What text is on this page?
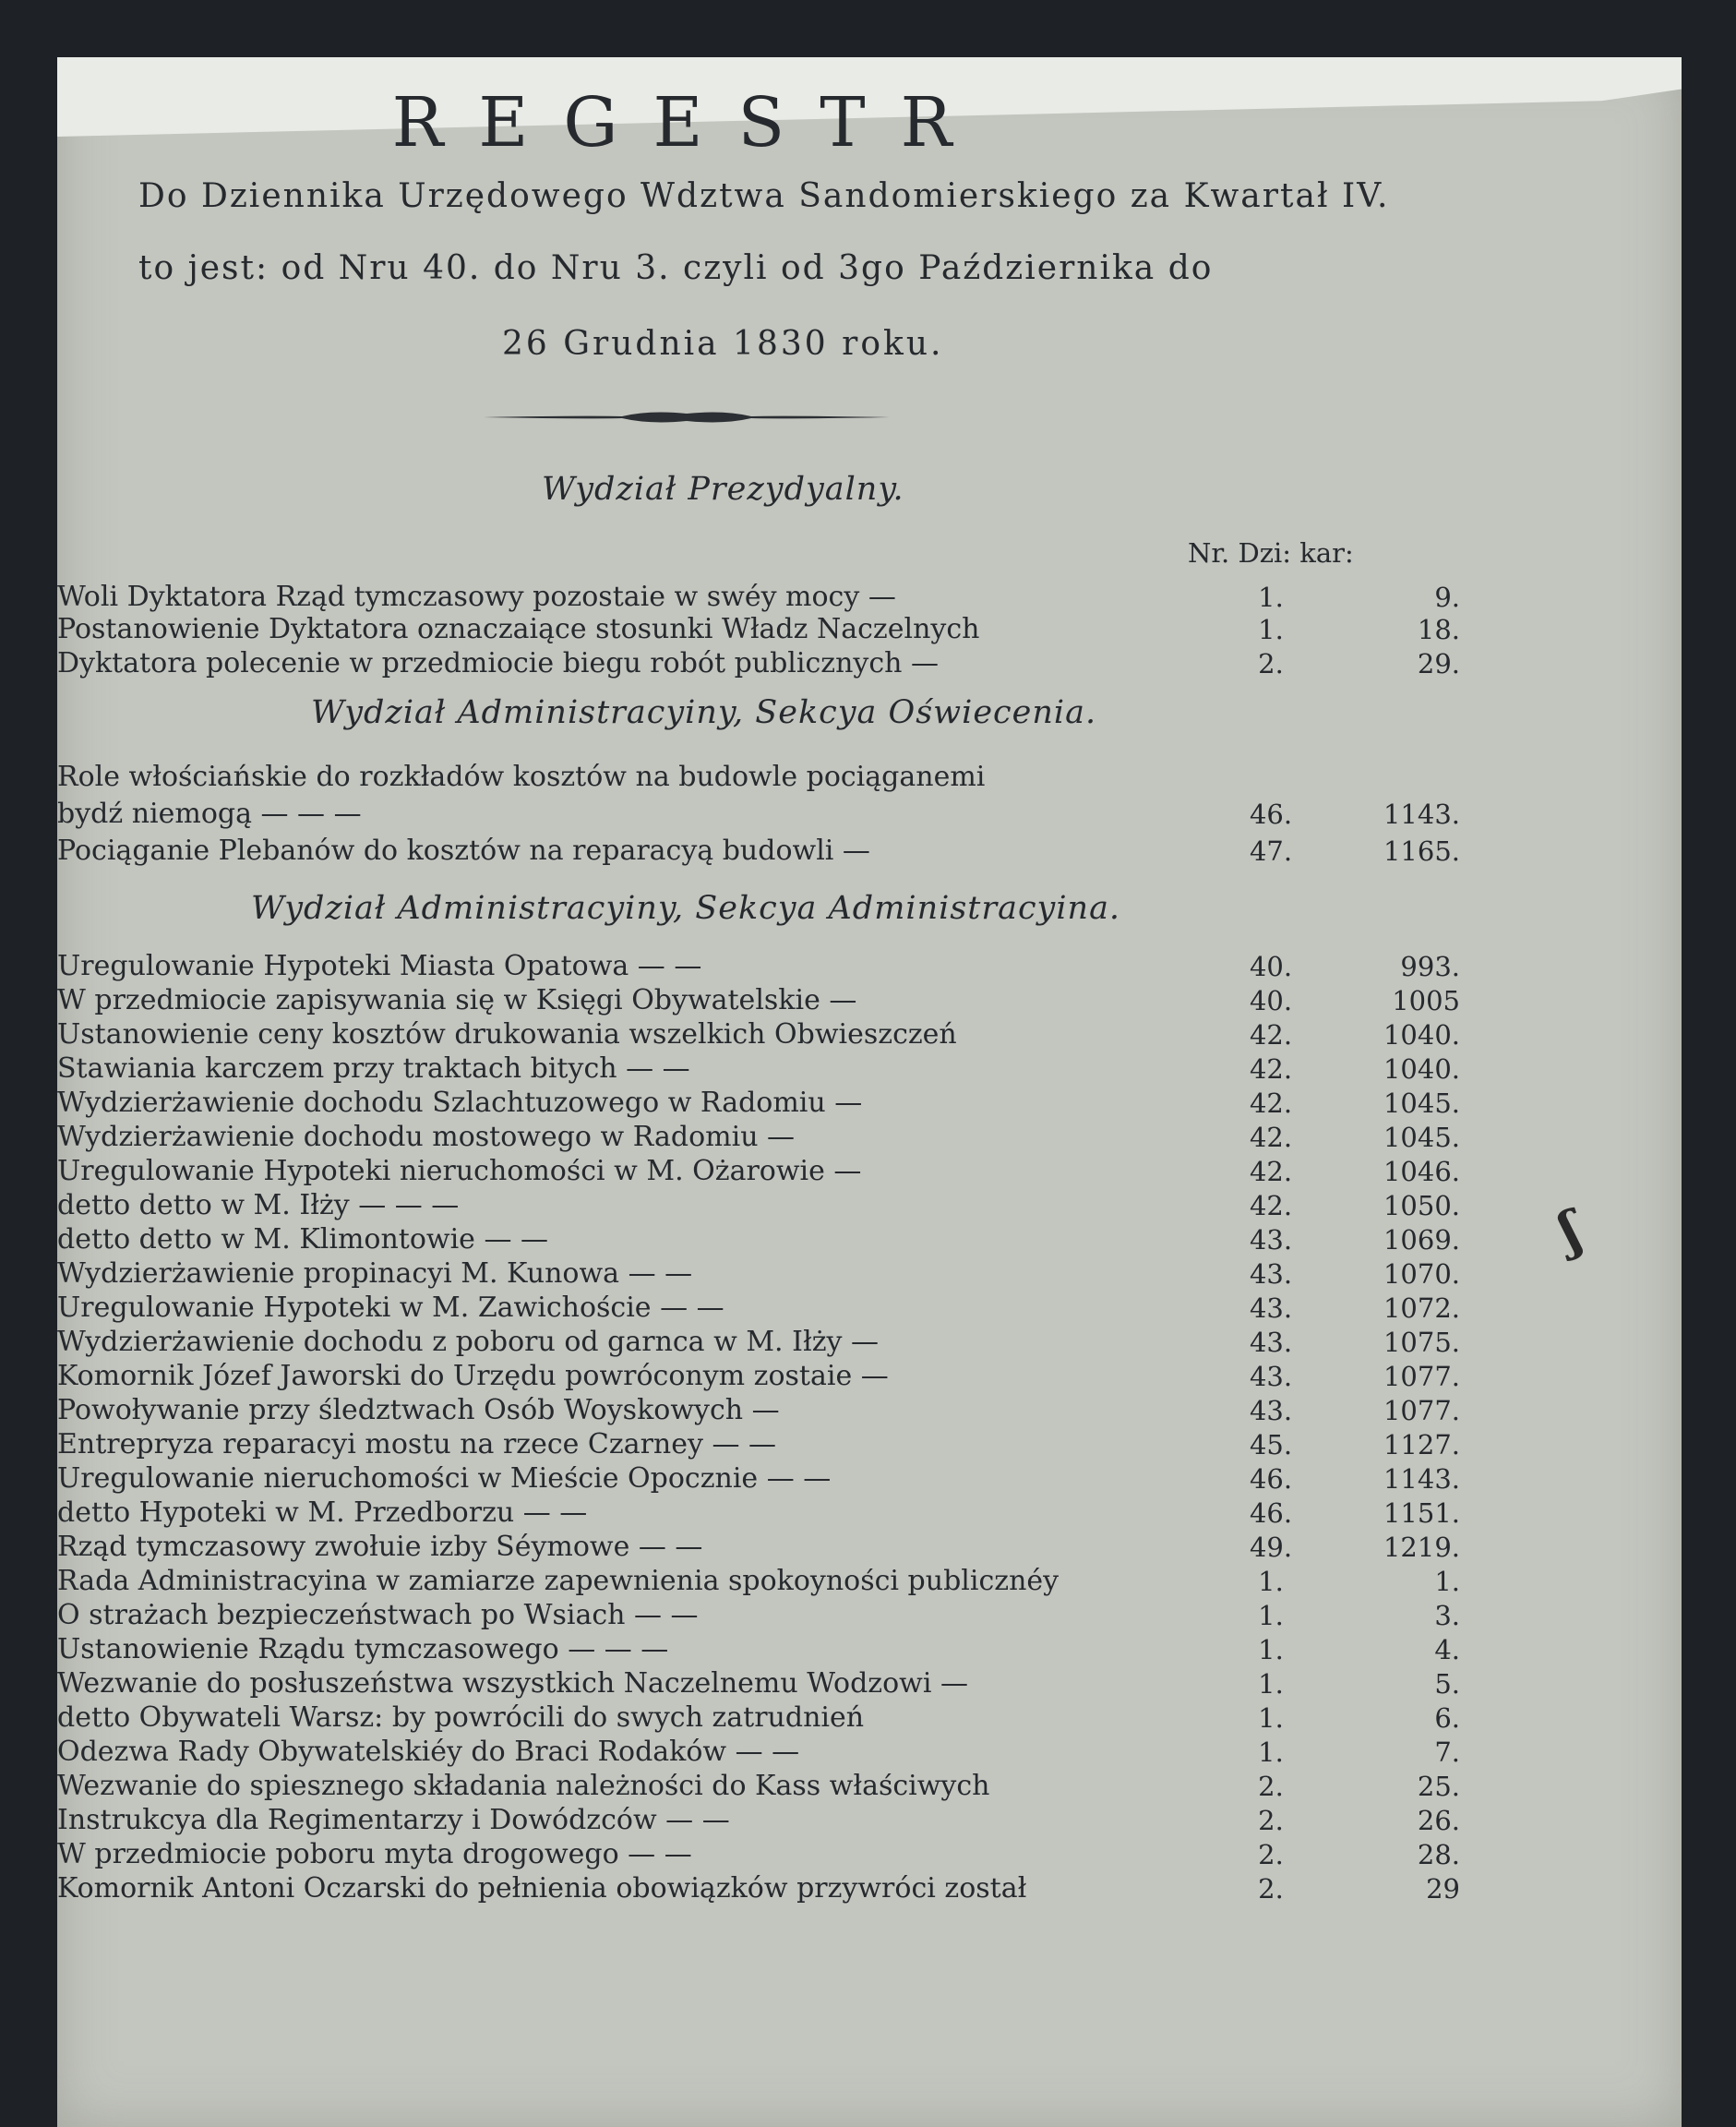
REGESTR
Do Dziennika Urzędowego Wdztwa Sandomierskiego za Kwartał IV.
to jest: od Nru 40. do Nru 3. czyli od 3go Października do
26 Grudnia 1830 roku.
Wydział Prezydyalny.
Nr. Dzi: kar:
Woli Dyktatora Rząd tymczasowy pozostaie w swéy mocy —	1.	9.
Postanowienie Dyktatora oznaczaiące stosunki Władz Naczelnych	1.	18.
Dyktatora polecenie w przedmiocie biegu robót publicznych —	2.	29.
Wydział Administracyiny, Sekcya Oświecenia.
Role włościańskie do rozkładów kosztów na budowle pociąganemi
bydź niemogą — — —	46.	1143.
Pociąganie Plebanów do kosztów na reparacyą budowli —	47.	1165.
Wydział Administracyiny, Sekcya Administracyina.
Uregulowanie Hypoteki Miasta Opatowa — —	40.	993.
W przedmiocie zapisywania się w Księgi Obywatelskie —	40.	1005
Ustanowienie ceny kosztów drukowania wszelkich Obwieszczeń	42.	1040.
Stawiania karczem przy traktach bitych — —	42.	1040.
Wydzierżawienie dochodu Szlachtuzowego w Radomiu —	42.	1045.
Wydzierżawienie dochodu mostowego w Radomiu —	42.	1045.
Uregulowanie Hypoteki nieruchomości w M. Ożarowie —	42.	1046.
detto detto w M. Iłży — — —	42.	1050.
detto detto w M. Klimontowie — —	43.	1069.
Wydzierżawienie propinacyi M. Kunowa — —	43.	1070.
Uregulowanie Hypoteki w M. Zawichoście — —	43.	1072.
Wydzierżawienie dochodu z poboru od garnca w M. Iłży —	43.	1075.
Komornik Józef Jaworski do Urzędu powróconym zostaie —	43.	1077.
Powoływanie przy śledztwach Osób Woyskowych —	43.	1077.
Entrepryza reparacyi mostu na rzece Czarney — —	45.	1127.
Uregulowanie nieruchomości w Mieście Opocznie — —	46.	1143.
detto Hypoteki w M. Przedborzu — —	46.	1151.
Rząd tymczasowy zwołuie izby Séymowe — —	49.	1219.
Rada Administracyina w zamiarze zapewnienia spokoyności publicznéy	1.	1.
O strażach bezpieczeństwach po Wsiach — —	1.	3.
Ustanowienie Rządu tymczasowego — — —	1.	4.
Wezwanie do posłuszeństwa wszystkich Naczelnemu Wodzowi —	1.	5.
detto Obywateli Warsz: by powrócili do swych zatrudnień	1.	6.
Odezwa Rady Obywatelskiéy do Braci Rodaków — —	1.	7.
Wezwanie do spiesznego składania należności do Kass właściwych	2.	25.
Instrukcya dla Regimentarzy i Dowódzców — —	2.	26.
W przedmiocie poboru myta drogowego — —	2.	28.
Komornik Antoni Oczarski do pełnienia obowiązków przywróci został	2.	29
ʃ
